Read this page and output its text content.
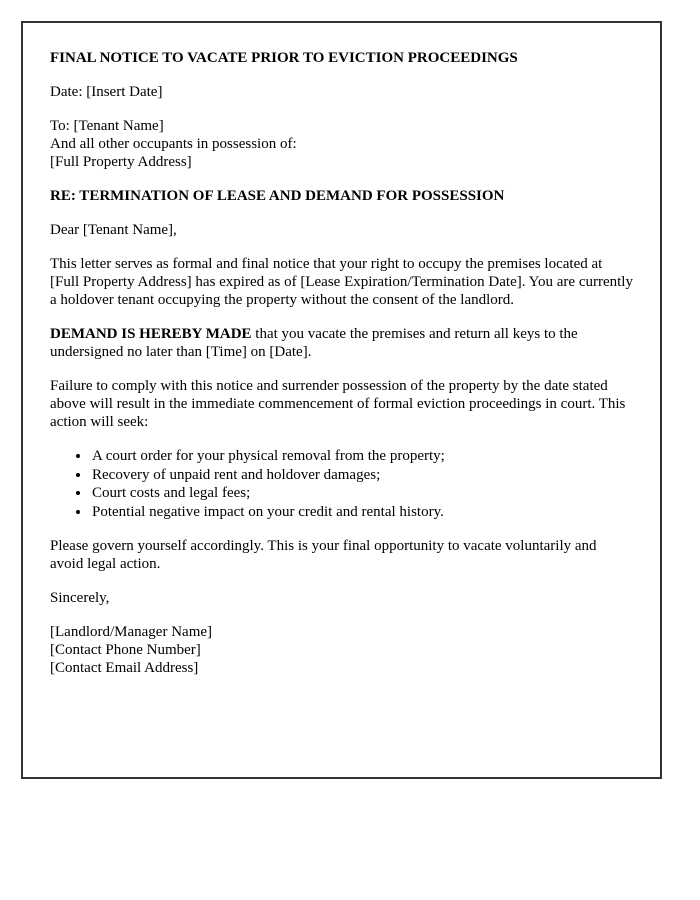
FINAL NOTICE TO VACATE PRIOR TO EVICTION PROCEEDINGS

Date: [Insert Date]

To: [Tenant Name]
And all other occupants in possession of:
[Full Property Address]

RE: TERMINATION OF LEASE AND DEMAND FOR POSSESSION

Dear [Tenant Name],

This letter serves as formal and final notice that your right to occupy the premises located at [Full Property Address] has expired as of [Lease Expiration/Termination Date]. You are currently a holdover tenant occupying the property without the consent of the landlord.

DEMAND IS HEREBY MADE that you vacate the premises and return all keys to the undersigned no later than [Time] on [Date].

Failure to comply with this notice and surrender possession of the property by the date stated above will result in the immediate commencement of formal eviction proceedings in court. This action will seek:

• A court order for your physical removal from the property;
• Recovery of unpaid rent and holdover damages;
• Court costs and legal fees;
• Potential negative impact on your credit and rental history.

Please govern yourself accordingly. This is your final opportunity to vacate voluntarily and avoid legal action.

Sincerely,

[Landlord/Manager Name]
[Contact Phone Number]
[Contact Email Address]
